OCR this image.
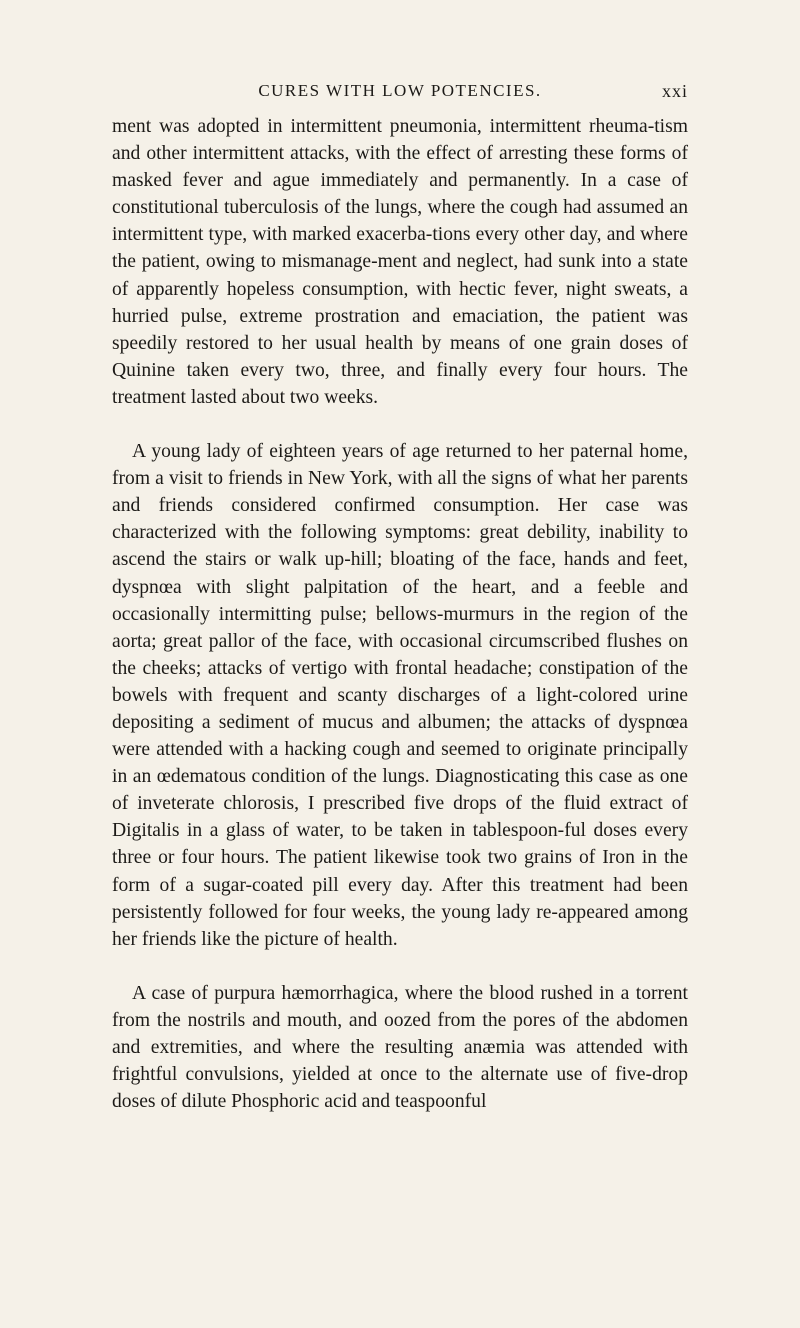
CURES WITH LOW POTENCIES.	xxi

ment was adopted in intermittent pneumonia, intermittent rheuma-tism and other intermittent attacks, with the effect of arresting these forms of masked fever and ague immediately and permanently. In a case of constitutional tuberculosis of the lungs, where the cough had assumed an intermittent type, with marked exacerba-tions every other day, and where the patient, owing to mismanage-ment and neglect, had sunk into a state of apparently hopeless consumption, with hectic fever, night sweats, a hurried pulse, extreme prostration and emaciation, the patient was speedily restored to her usual health by means of one grain doses of Quinine taken every two, three, and finally every four hours. The treatment lasted about two weeks.

A young lady of eighteen years of age returned to her paternal home, from a visit to friends in New York, with all the signs of what her parents and friends considered confirmed consumption. Her case was characterized with the following symptoms: great debility, inability to ascend the stairs or walk up-hill; bloating of the face, hands and feet, dyspnœa with slight palpitation of the heart, and a feeble and occasionally intermitting pulse; bellows-murmurs in the region of the aorta; great pallor of the face, with occasional circumscribed flushes on the cheeks; attacks of vertigo with frontal headache; constipation of the bowels with frequent and scanty discharges of a light-colored urine depositing a sediment of mucus and albumen; the attacks of dyspnœa were attended with a hacking cough and seemed to originate principally in an œdematous condition of the lungs. Diagnosticating this case as one of inveterate chlorosis, I prescribed five drops of the fluid extract of Digitalis in a glass of water, to be taken in tablespoon-ful doses every three or four hours. The patient likewise took two grains of Iron in the form of a sugar-coated pill every day. After this treatment had been persistently followed for four weeks, the young lady re-appeared among her friends like the picture of health.

A case of purpura hæmorrhagica, where the blood rushed in a torrent from the nostrils and mouth, and oozed from the pores of the abdomen and extremities, and where the resulting anæmia was attended with frightful convulsions, yielded at once to the alternate use of five-drop doses of dilute Phosphoric acid and teaspoonful
